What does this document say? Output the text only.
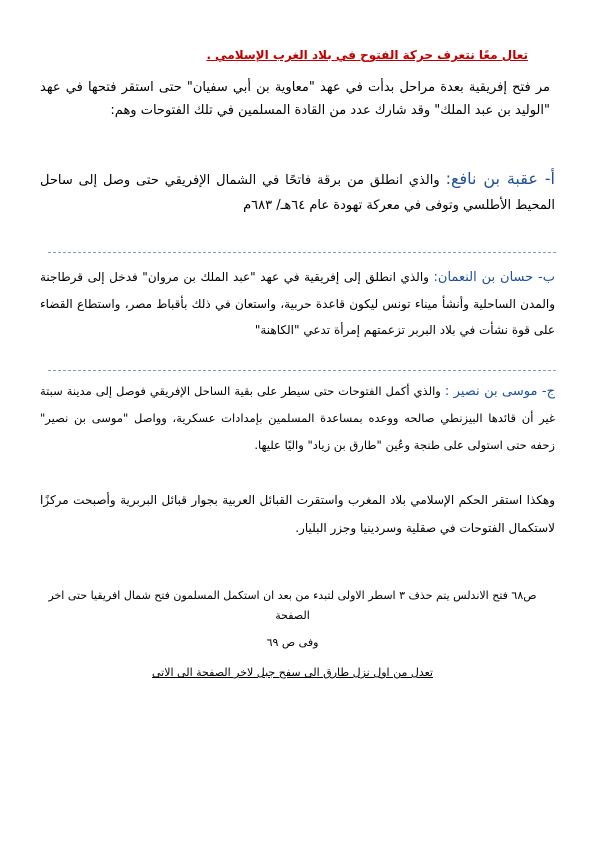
تعال معًا نتعرف حركة الفتوح في بلاد الغرب الإسلامي .
مر فتح إفريقية بعدة مراحل بدأت في عهد "معاوية بن أبي سفيان" حتى استقر فتحها في عهد "الوليد بن عبد الملك" وقد شارك عدد من القادة المسلمين في تلك الفتوحات وهم:
أ- عقبة بن نافع: والذي انطلق من برقة فاتحًا في الشمال الإفريقي حتى وصل إلى ساحل المحيط الأطلسي وتوفى في معركة تهودة عام ٦٤هـ/ ٦٨٣م
ب- حسان بن النعمان: والذي انطلق إلى إفريقية في عهد "عبد الملك بن مروان" فدخل إلى قرطاجنة والمدن الساحلية وأنشأ ميناء تونس ليكون قاعدة حربية، واستعان في ذلك بأقباط مصر، واستطاع القضاء على قوة نشأت في بلاد البربر تزعمتهم إمرأة تدعي "الكاهنة"
ج- موسى بن نصير : والذي أكمل الفتوحات حتى سيطر على بقية الساحل الإفريقي فوصل إلى مدينة سبتة غير أن قائدها البيزنطي صالحه ووعده بمساعدة المسلمين بإمدادات عسكرية، وواصل "موسى بن نصير" زحفه حتى استولى على طنجة وعُين "طارق بن زياد" واليًا عليها.
وهكذا استقر الحكم الإسلامي بلاد المغرب واستقرت القبائل العربية بجوار قبائل البربرية وأصبحت مركزًا لاستكمال الفتوحات في صقلية وسردينيا وجزر البليار.
ص٦٨ فتح الاندلس يتم حذف ٣ اسطر الاولى لتبدء من بعد ان استكمل المسلمون فتح شمال افريقيا حتى اخر الصفحة
وفى ص ٦٩
تعدل من اول نزل طارق الى سفح جبل لاخر الصفحة الى الاتى
